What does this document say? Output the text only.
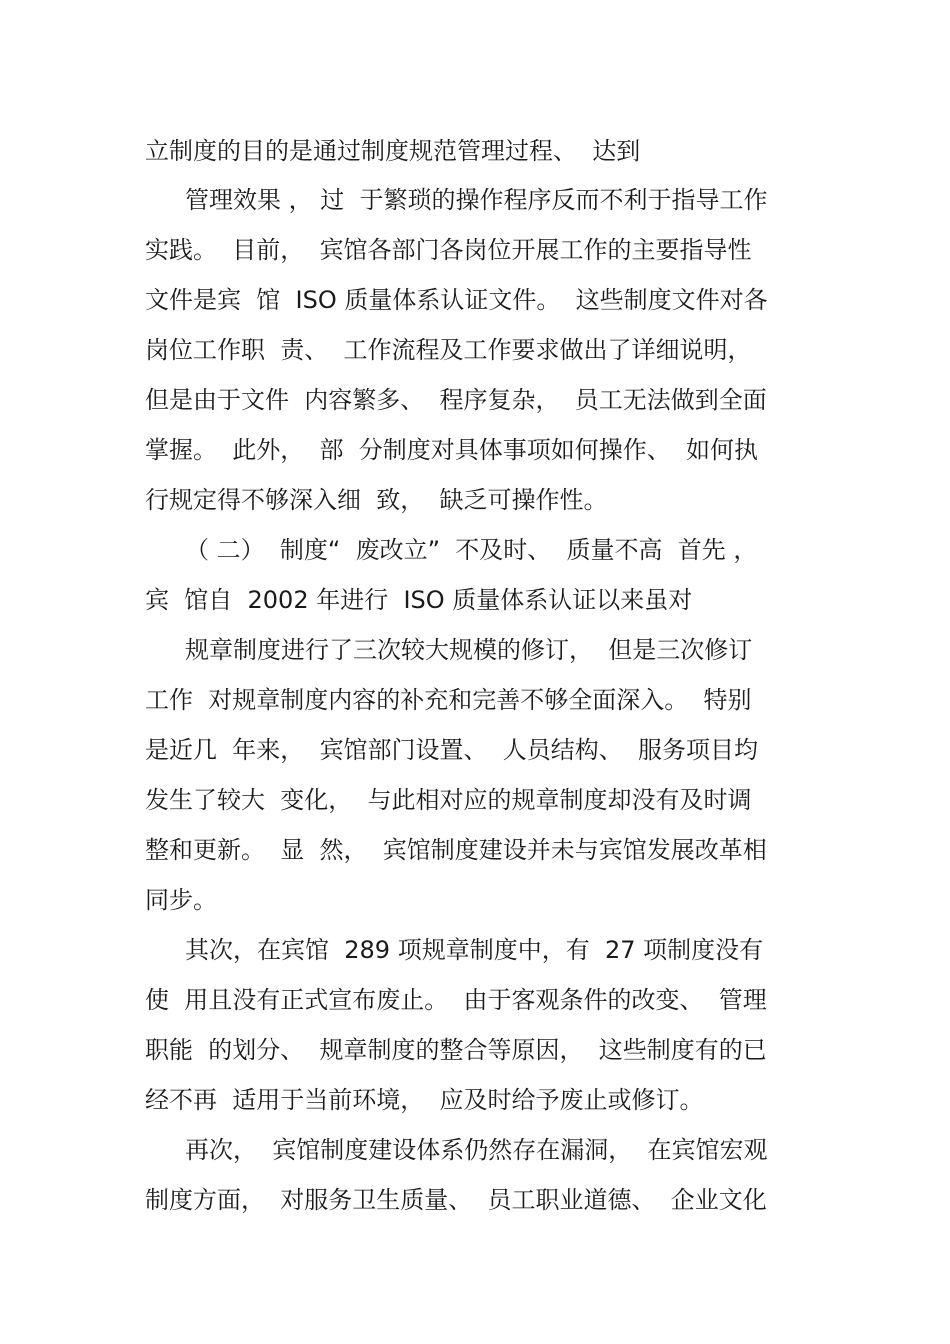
立制度的目的是通过制度规范管理过程、  达到
管理效果 ， 过  于繁琐的操作程序反而不利于指导工作
实践。  目前，  宾馆各部门各岗位开展工作的主要指导性
文件是宾  馆  ISO 质量体系认证文件。  这些制度文件对各
岗位工作职  责、  工作流程及工作要求做出了详细说明，
但是由于文件  内容繁多、  程序复杂，  员工无法做到全面
掌握。  此外，  部  分制度对具体事项如何操作、  如何执
行规定得不够深入细  致，  缺乏可操作性。
（ 二）  制度“  废改立”  不及时、  质量不高  首先 ，
宾  馆自  2002 年进行  ISO 质量体系认证以来虽对
规章制度进行了三次较大规模的修订，  但是三次修订
工作  对规章制度内容的补充和完善不够全面深入。  特别
是近几  年来，  宾馆部门设置、  人员结构、  服务项目均
发生了较大  变化，  与此相对应的规章制度却没有及时调
整和更新。  显  然，  宾馆制度建设并未与宾馆发展改革相
同步。
其次，在宾馆  289 项规章制度中，有  27 项制度没有
使  用且没有正式宣布废止。  由于客观条件的改变、  管理
职能  的划分、  规章制度的整合等原因，  这些制度有的已
经不再  适用于当前环境，  应及时给予废止或修订。
再次，  宾馆制度建设体系仍然存在漏洞，  在宾馆宏观
制度方面，  对服务卫生质量、  员工职业道德、  企业文化
